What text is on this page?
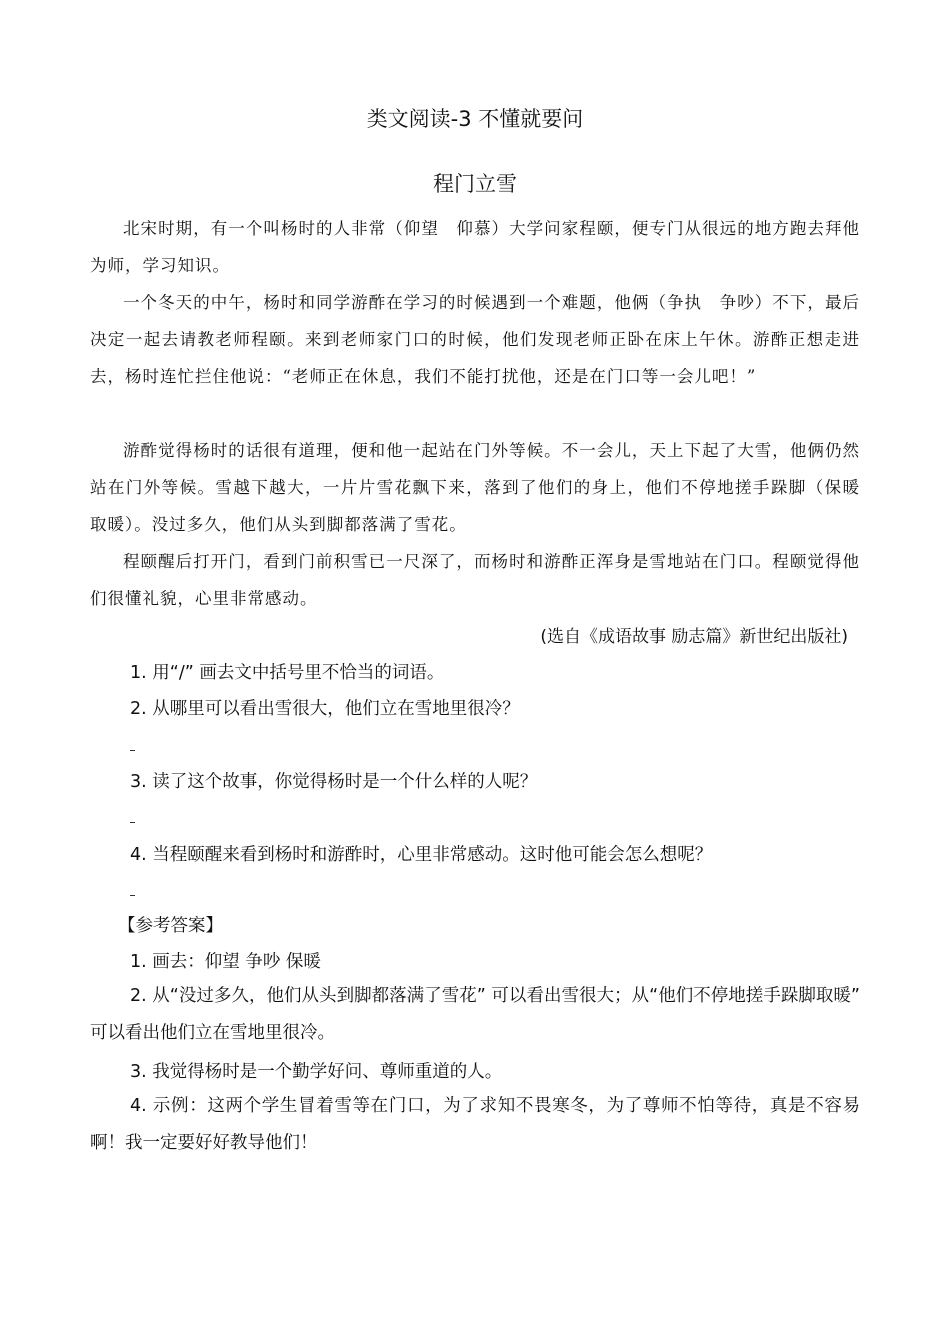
类文阅读-3 不懂就要问
程门立雪
北宋时期，有一个叫杨时的人非常（仰望　仰慕）大学问家程颐，便专门从很远的地方跑去拜他为师，学习知识。
一个冬天的中午，杨时和同学游酢在学习的时候遇到一个难题，他俩（争执　争吵）不下，最后决定一起去请教老师程颐。来到老师家门口的时候，他们发现老师正卧在床上午休。游酢正想走进去，杨时连忙拦住他说：“老师正在休息，我们不能打扰他，还是在门口等一会儿吧！”
游酢觉得杨时的话很有道理，便和他一起站在门外等候。不一会儿，天上下起了大雪，他俩仍然站在门外等候。雪越下越大，一片片雪花飘下来，落到了他们的身上，他们不停地搓手跺脚（保暖　取暖）。没过多久，他们从头到脚都落满了雪花。
程颐醒后打开门，看到门前积雪已一尺深了，而杨时和游酢正浑身是雪地站在门口。程颐觉得他们很懂礼貌，心里非常感动。
(选自《成语故事 励志篇》新世纪出版社)
1. 用“/” 画去文中括号里不恰当的词语。
2. 从哪里可以看出雪很大，他们立在雪地里很冷？
3. 读了这个故事，你觉得杨时是一个什么样的人呢？
4. 当程颐醒来看到杨时和游酢时，心里非常感动。这时他可能会怎么想呢？
【参考答案】
1. 画去：仰望 争吵 保暖
2. 从“没过多久，他们从头到脚都落满了雪花” 可以看出雪很大；从“他们不停地搓手跺脚取暖” 可以看出他们立在雪地里很冷。
3. 我觉得杨时是一个勤学好问、尊师重道的人。
4. 示例：这两个学生冒着雪等在门口，为了求知不畏寒冬，为了尊师不怕等待，真是不容易啊！我一定要好好教导他们！
